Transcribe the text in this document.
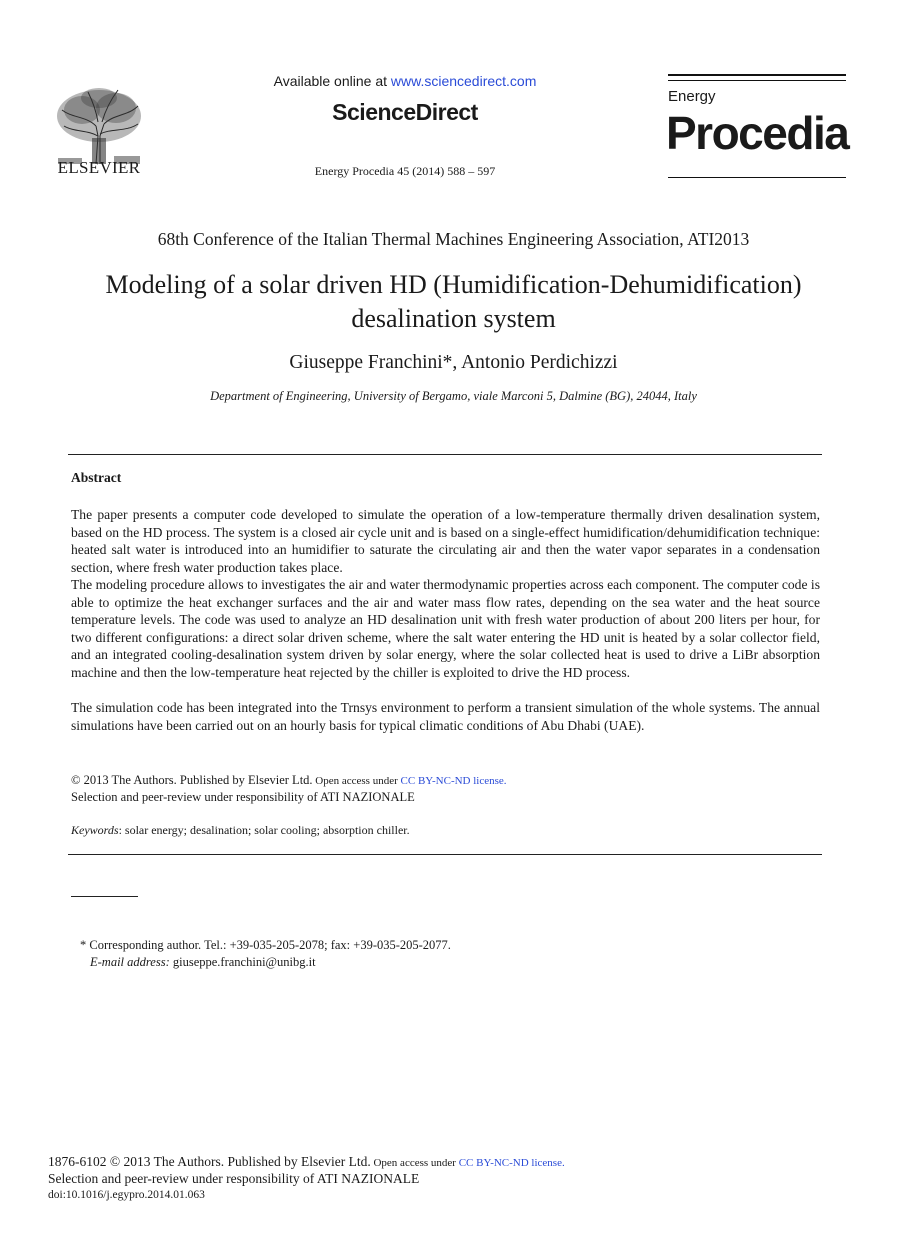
ELSEVIER
Available online at www.sciencedirect.com
ScienceDirect
Energy Procedia 45 (2014) 588 – 597
Energy
Procedia
68th Conference of the Italian Thermal Machines Engineering Association, ATI2013
Modeling of a solar driven HD (Humidification-Dehumidification)
desalination system
Giuseppe Franchini*, Antonio Perdichizzi
Department of Engineering, University of Bergamo, viale Marconi 5, Dalmine (BG), 24044, Italy
Abstract

The paper presents a computer code developed to simulate the operation of a low-temperature thermally driven desalination system, based on the HD process. The system is a closed air cycle unit and is based on a single-effect humidification/dehumidification technique: heated salt water is introduced into an humidifier to saturate the circulating air and then the water vapor separates in a condensation section, where fresh water production takes place.

The modeling procedure allows to investigates the air and water thermodynamic properties across each component. The computer code is able to optimize the heat exchanger surfaces and the air and water mass flow rates, depending on the sea water and the heat source temperature levels. The code was used to analyze an HD desalination unit with fresh water production of about 200 liters per hour, for two different configurations: a direct solar driven scheme, where the salt water entering the HD unit is heated by a solar collector field, and an integrated cooling-desalination system driven by solar energy, where the solar collected heat is used to drive a LiBr absorption machine and then the low-temperature heat rejected by the chiller is exploited to drive the HD process.

The simulation code has been integrated into the Trnsys environment to perform a transient simulation of the whole systems. The annual simulations have been carried out on an hourly basis for typical climatic conditions of Abu Dhabi (UAE).

© 2013 The Authors. Published by Elsevier Ltd. Open access under CC BY-NC-ND license.
Selection and peer-review under responsibility of ATI NAZIONALE
Keywords: solar energy; desalination; solar cooling; absorption chiller.
* Corresponding author. Tel.: +39-035-205-2078; fax: +39-035-205-2077.
E-mail address: giuseppe.franchini@unibg.it
1876-6102 © 2013 The Authors. Published by Elsevier Ltd. Open access under CC BY-NC-ND license.
Selection and peer-review under responsibility of ATI NAZIONALE
doi:10.1016/j.egypro.2014.01.063
